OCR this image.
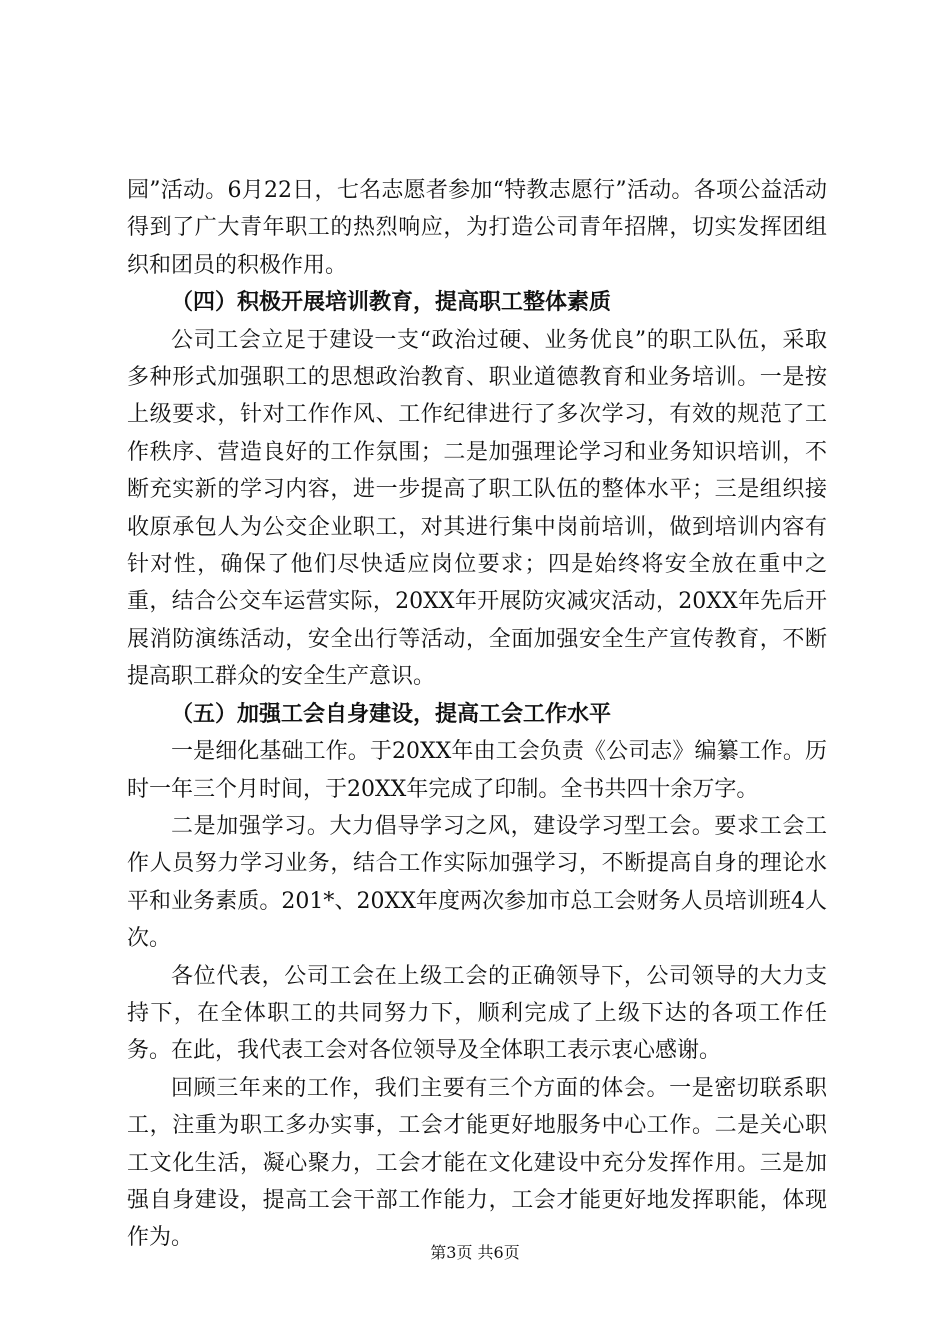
园”活动。6月22日，七名志愿者参加“特教志愿行”活动。各项公益活动得到了广大青年职工的热烈响应，为打造公司青年招牌，切实发挥团组织和团员的积极作用。

（四）积极开展培训教育，提高职工整体素质

公司工会立足于建设一支“政治过硬、业务优良”的职工队伍，采取多种形式加强职工的思想政治教育、职业道德教育和业务培训。一是按上级要求，针对工作作风、工作纪律进行了多次学习，有效的规范了工作秩序、营造良好的工作氛围；二是加强理论学习和业务知识培训，不断充实新的学习内容，进一步提高了职工队伍的整体水平；三是组织接收原承包人为公交企业职工，对其进行集中岗前培训，做到培训内容有针对性，确保了他们尽快适应岗位要求；四是始终将安全放在重中之重，结合公交车运营实际，20XX年开展防灾减灾活动，20XX年先后开展消防演练活动，安全出行等活动，全面加强安全生产宣传教育，不断提高职工群众的安全生产意识。

（五）加强工会自身建设，提高工会工作水平

一是细化基础工作。于20XX年由工会负责《公司志》编纂工作。历时一年三个月时间，于20XX年完成了印制。全书共四十余万字。

二是加强学习。大力倡导学习之风，建设学习型工会。要求工会工作人员努力学习业务，结合工作实际加强学习，不断提高自身的理论水平和业务素质。201*、20XX年度两次参加市总工会财务人员培训班4人次。

各位代表，公司工会在上级工会的正确领导下，公司领导的大力支持下，在全体职工的共同努力下，顺利完成了上级下达的各项工作任务。在此，我代表工会对各位领导及全体职工表示衷心感谢。

回顾三年来的工作，我们主要有三个方面的体会。一是密切联系职工，注重为职工多办实事，工会才能更好地服务中心工作。二是关心职工文化生活，凝心聚力，工会才能在文化建设中充分发挥作用。三是加强自身建设，提高工会干部工作能力，工会才能更好地发挥职能，体现作为。

第3页 共6页
